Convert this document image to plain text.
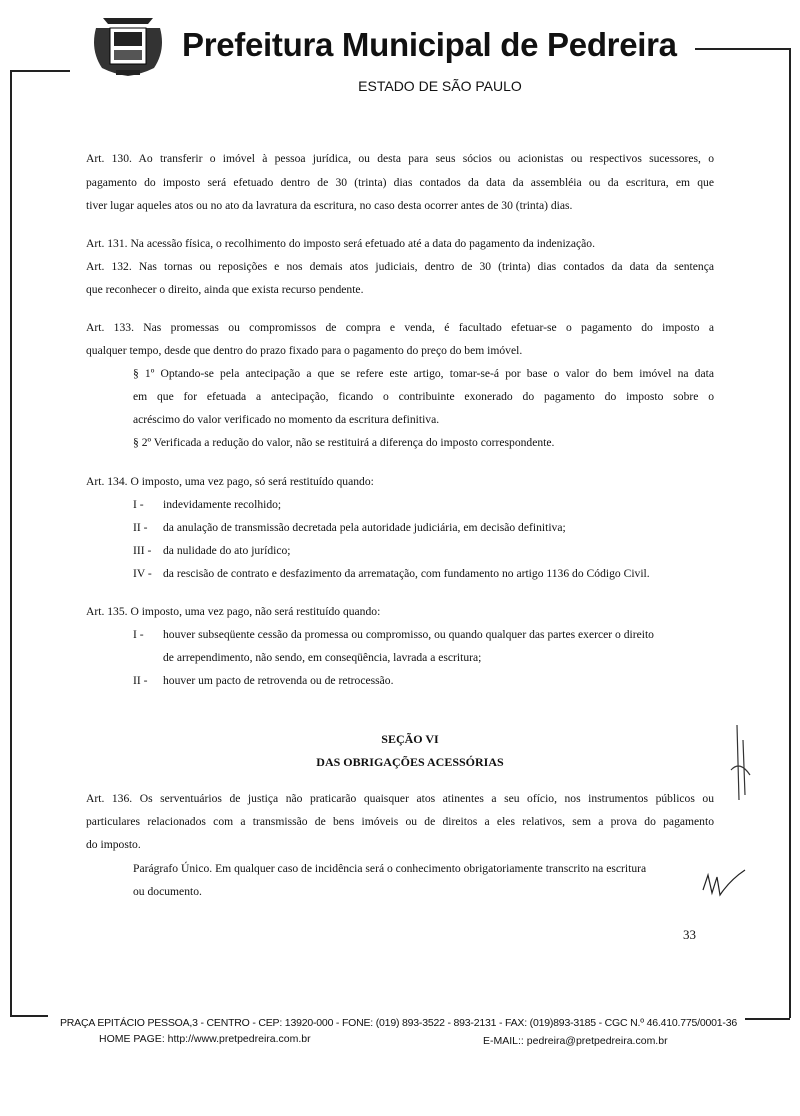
Prefeitura Municipal de Pedreira
ESTADO DE SÃO PAULO
Art. 130. Ao transferir o imóvel à pessoa jurídica, ou desta para seus sócios ou acionistas ou respectivos sucessores, o
pagamento do imposto será efetuado dentro de 30 (trinta) dias contados da data da assembléia ou da escritura, em que
tiver lugar aqueles atos ou no ato da lavratura da escritura, no caso desta ocorrer antes de 30 (trinta) dias.
Art. 131. Na acessão física, o recolhimento do imposto será efetuado até a data do pagamento da indenização.
Art. 132. Nas tornas ou reposições e nos demais atos judiciais, dentro de 30 (trinta) dias contados da data da sentença
que reconhecer o direito, ainda que exista recurso pendente.
Art. 133. Nas promessas ou compromissos de compra e venda, é facultado efetuar-se o pagamento do imposto a
qualquer tempo, desde que dentro do prazo fixado para o pagamento do preço do bem imóvel.
§ 1º Optando-se pela antecipação a que se refere este artigo, tomar-se-á por base o valor do bem imóvel na data
em que for efetuada a antecipação, ficando o contribuinte exonerado do pagamento do imposto sobre o
acréscimo do valor verificado no momento da escritura definitiva.
§ 2º Verificada a redução do valor, não se restituirá a diferença do imposto correspondente.
Art. 134. O imposto, uma vez pago, só será restituído quando:
I - indevidamente recolhido;
II - da anulação de transmissão decretada pela autoridade judiciária, em decisão definitiva;
III - da nulidade do ato jurídico;
IV - da rescisão de contrato e desfazimento da arrematação, com fundamento no artigo 1136 do Código Civil.
Art. 135. O imposto, uma vez pago, não será restituído quando:
I - houver subseqüente cessão da promessa ou compromisso, ou quando qualquer das partes exercer o direito
de arrependimento, não sendo, em conseqüência, lavrada a escritura;
II - houver um pacto de retrovenda ou de retrocessão.
SEÇÃO VI
DAS OBRIGAÇÕES ACESSÓRIAS
Art. 136. Os serventuários de justiça não praticarão quaisquer atos atinentes a seu ofício, nos instrumentos públicos ou
particulares relacionados com a transmissão de bens imóveis ou de direitos a eles relativos, sem a prova do pagamento
do imposto.
Parágrafo Único. Em qualquer caso de incidência será o conhecimento obrigatoriamente transcrito na escritura
ou documento.
33
PRAÇA EPITÁCIO PESSOA,3 - CENTRO - CEP: 13920-000 - FONE: (019) 893-3522 - 893-2131 - FAX: (019)893-3185 - CGC N.º 46.410.775/0001-36
HOME PAGE: http://www.pretpedreira.com.br	E-MAIL:: pedreira@pretpedreira.com.br
